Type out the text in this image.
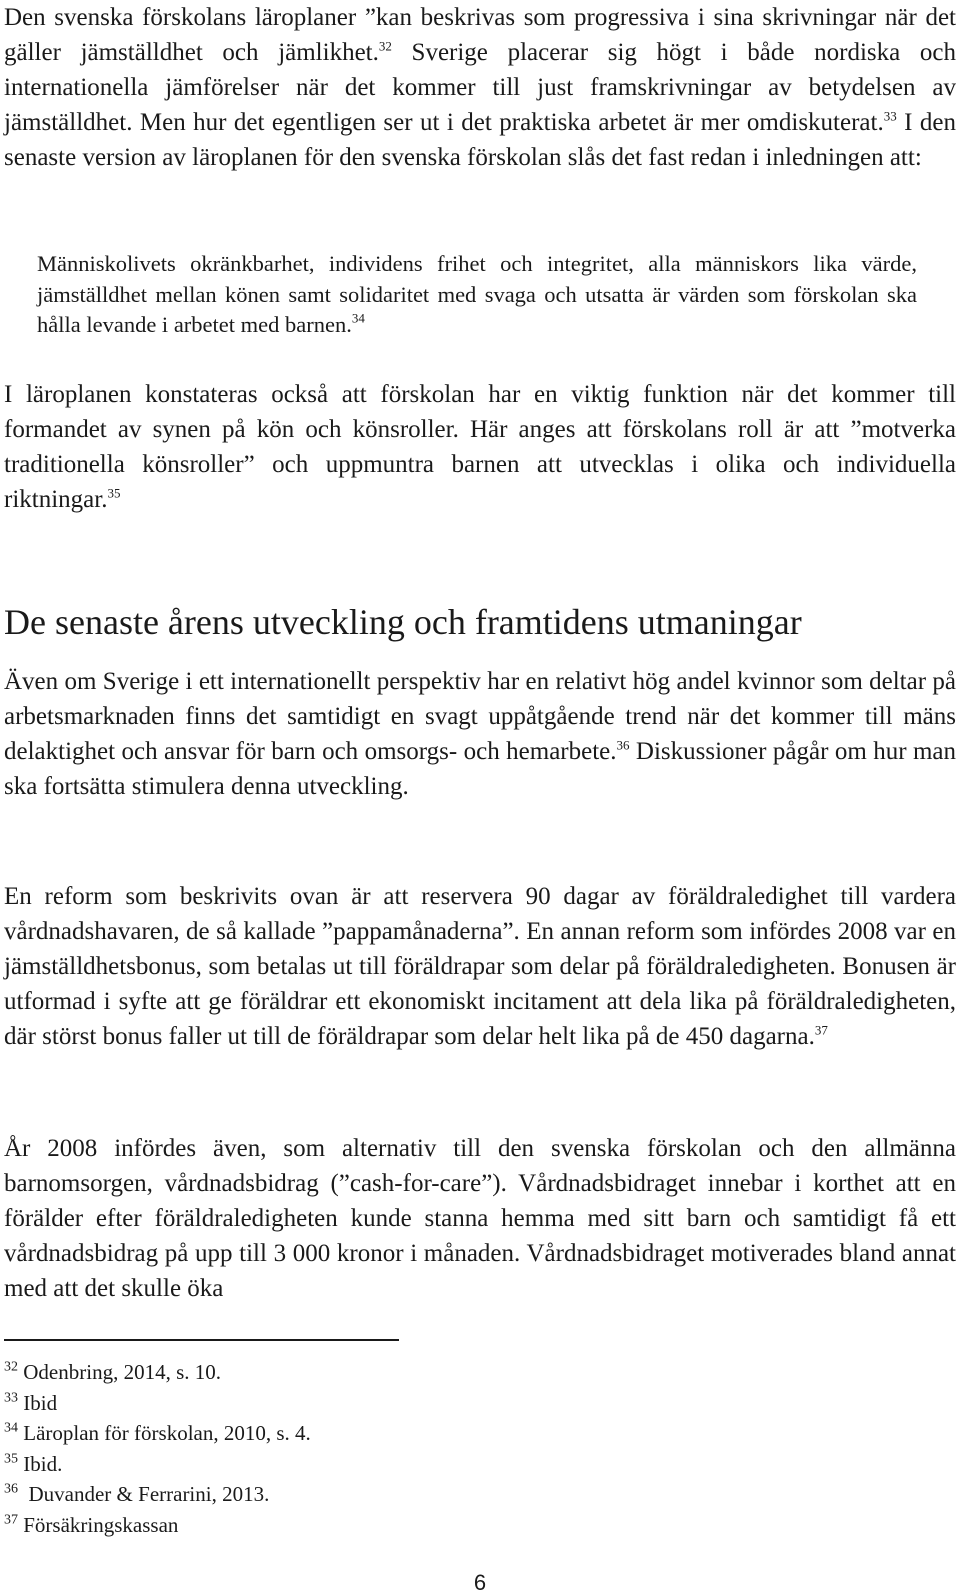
Den svenska förskolans läroplaner ”kan beskrivas som progressiva i sina skrivningar när det gäller jämställdhet och jämlikhet.$^{32}$ Sverige placerar sig högt i både nordiska och internationella jämförelser när det kommer till just framskrivningar av betydelsen av jämställdhet. Men hur det egentligen ser ut i det praktiska arbetet är mer omdiskuterat.$^{33}$ I den senaste version av läroplanen för den svenska förskolan slås det fast redan i inledningen att:

Människolivets okränkbarhet, individens frihet och integritet, alla människors lika värde, jämställdhet mellan könen samt solidaritet med svaga och utsatta är värden som förskolan ska hålla levande i arbetet med barnen.$^{34}$

I läroplanen konstateras också att förskolan har en viktig funktion när det kommer till formandet av synen på kön och könsroller. Här anges att förskolans roll är att ”motverka traditionella könsroller” och uppmuntra barnen att utvecklas i olika och individuella riktningar.$^{35}$

De senaste årens utveckling och framtidens utmaningar

Även om Sverige i ett internationellt perspektiv har en relativt hög andel kvinnor som deltar på arbetsmarknaden finns det samtidigt en svagt uppåtgående trend när det kommer till mäns delaktighet och ansvar för barn och omsorgs- och hemarbete.$^{36}$ Diskussioner pågår om hur man ska fortsätta stimulera denna utveckling.

En reform som beskrivits ovan är att reservera 90 dagar av föräldraledighet till vardera vårdnadshavaren, de så kallade ”pappamånaderna”. En annan reform som infördes 2008 var en jämställdhetsbonus, som betalas ut till föräldrapar som delar på föräldraledigheten. Bonusen är utformad i syfte att ge föräldrar ett ekonomiskt incitament att dela lika på föräldraledigheten, där störst bonus faller ut till de föräldrapar som delar helt lika på de 450 dagarna.$^{37}$

År 2008 infördes även, som alternativ till den svenska förskolan och den allmänna barnomsorgen, vårdnadsbidrag (”cash-for-care”). Vårdnadsbidraget innebar i korthet att en förälder efter föräldraledigheten kunde stanna hemma med sitt barn och samtidigt få ett vårdnadsbidrag på upp till 3 000 kronor i månaden. Vårdnadsbidraget motiverades bland annat med att det skulle öka

$^{32}$ Odenbring, 2014, s. 10.
$^{33}$ Ibid
$^{34}$ Läroplan för förskolan, 2010, s. 4.
$^{35}$ Ibid.
$^{36}$  Duvander & Ferrarini, 2013.
$^{37}$ Försäkringskassan
6
